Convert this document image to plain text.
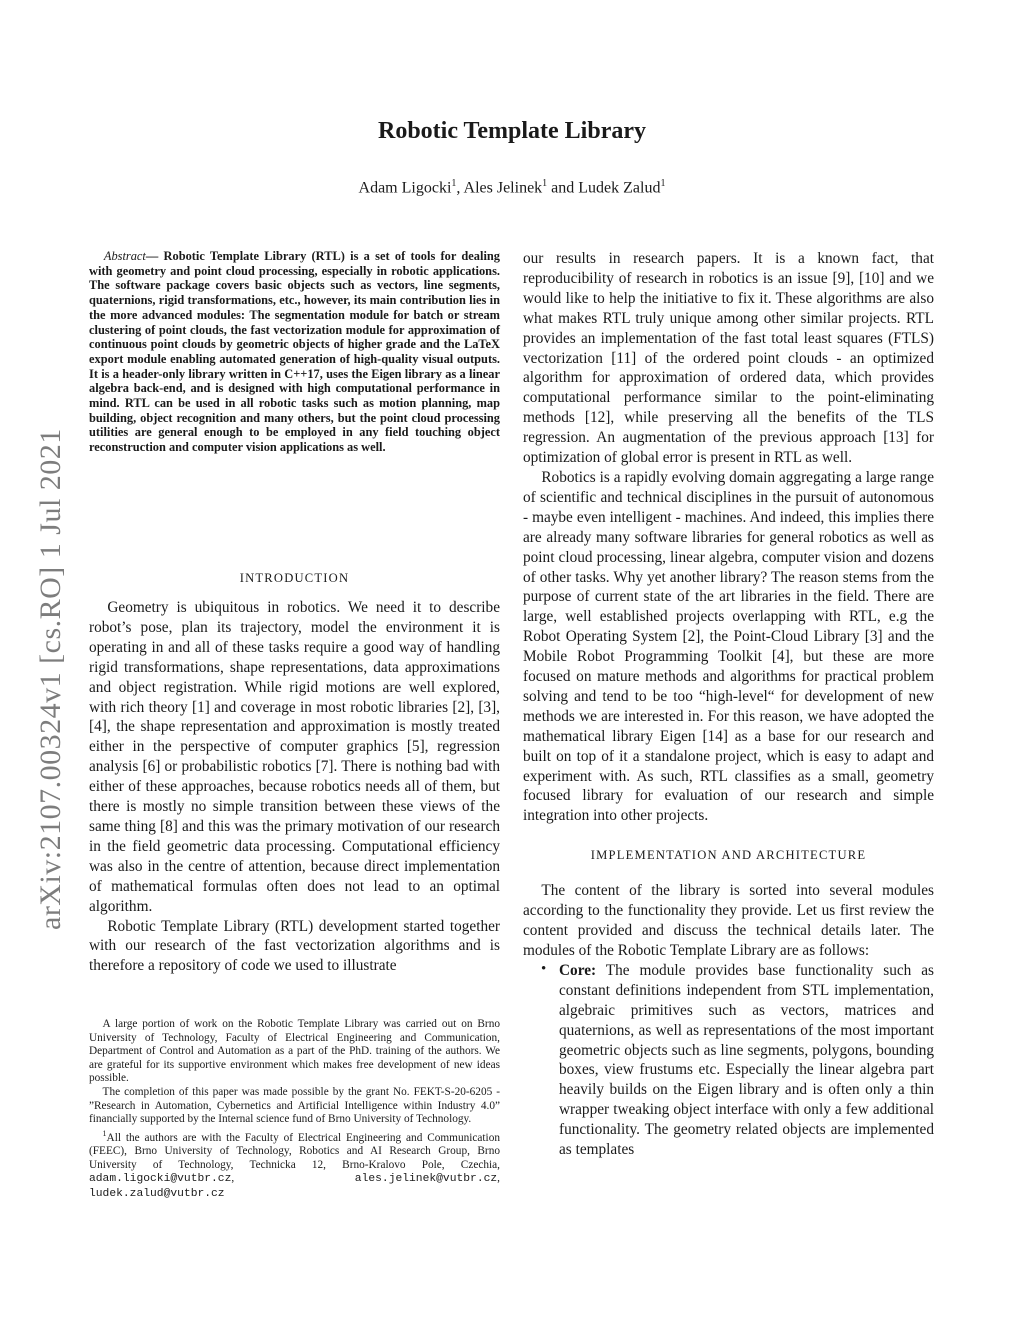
arXiv:2107.00324v1 [cs.RO] 1 Jul 2021
Robotic Template Library
Adam Ligocki$^1$, Ales Jelinek$^1$ and Ludek Zalud$^1$

Abstract— Robotic Template Library (RTL) is a set of tools for dealing with geometry and point cloud processing, especially in robotic applications. The software package covers basic objects such as vectors, line segments, quaternions, rigid transformations, etc., however, its main contribution lies in the more advanced modules: The segmentation module for batch or stream clustering of point clouds, the fast vectorization module for approximation of continuous point clouds by geometric objects of higher grade and the LaTeX export module enabling automated generation of high-quality visual outputs. It is a header-only library written in C++17, uses the Eigen library as a linear algebra back-end, and is designed with high computational performance in mind. RTL can be used in all robotic tasks such as motion planning, map building, object recognition and many others, but the point cloud processing utilities are general enough to be employed in any field touching object reconstruction and computer vision applications as well.

INTRODUCTION

Geometry is ubiquitous in robotics. We need it to describe robot’s pose, plan its trajectory, model the environment it is operating in and all of these tasks require a good way of handling rigid transformations, shape representations, data approximations and object registration. While rigid motions are well explored, with rich theory [1] and coverage in most robotic libraries [2], [3], [4], the shape representation and approximation is mostly treated either in the perspective of computer graphics [5], regression analysis [6] or probabilistic robotics [7]. There is nothing bad with either of these approaches, because robotics needs all of them, but there is mostly no simple transition between these views of the same thing [8] and this was the primary motivation of our research in the field geometric data processing. Computational efficiency was also in the centre of attention, because direct implementation of mathematical formulas often does not lead to an optimal algorithm.

Robotic Template Library (RTL) development started together with our research of the fast vectorization algorithms and is therefore a repository of code we used to illustrate

A large portion of work on the Robotic Template Library was carried out on Brno University of Technology, Faculty of Electrical Engineering and Communication, Department of Control and Automation as a part of the PhD. training of the authors. We are grateful for its supportive environment which makes free development of new ideas possible.

The completion of this paper was made possible by the grant No. FEKT-S-20-6205 - ”Research in Automation, Cybernetics and Artificial Intelligence within Industry 4.0” financially supported by the Internal science fund of Brno University of Technology.

$^1$All the authors are with the Faculty of Electrical Engineering and Communication (FEEC), Brno University of Technology, Robotics and AI Research Group, Brno University of Technology, Technicka 12, Brno-Kralovo Pole, Czechia, adam.ligocki@vutbr.cz, ales.jelinek@vutbr.cz, ludek.zalud@vutbr.cz

our results in research papers. It is a known fact, that reproducibility of research in robotics is an issue [9], [10] and we would like to help the initiative to fix it. These algorithms are also what makes RTL truly unique among other similar projects. RTL provides an implementation of the fast total least squares (FTLS) vectorization [11] of the ordered point clouds - an optimized algorithm for approximation of ordered data, which provides computational performance similar to the point-eliminating methods [12], while preserving all the benefits of the TLS regression. An augmentation of the previous approach [13] for optimization of global error is present in RTL as well.

Robotics is a rapidly evolving domain aggregating a large range of scientific and technical disciplines in the pursuit of autonomous - maybe even intelligent - machines. And indeed, this implies there are already many software libraries for general robotics as well as point cloud processing, linear algebra, computer vision and dozens of other tasks. Why yet another library? The reason stems from the purpose of current state of the art libraries in the field. There are large, well established projects overlapping with RTL, e.g the Robot Operating System [2], the Point-Cloud Library [3] and the Mobile Robot Programming Toolkit [4], but these are more focused on mature methods and algorithms for practical problem solving and tend to be too “high-level“ for development of new methods we are interested in. For this reason, we have adopted the mathematical library Eigen [14] as a base for our research and built on top of it a standalone project, which is easy to adapt and experiment with. As such, RTL classifies as a small, geometry focused library for evaluation of our research and simple integration into other projects.

IMPLEMENTATION AND ARCHITECTURE

The content of the library is sorted into several modules according to the functionality they provide. Let us first review the content provided and discuss the technical details later. The modules of the Robotic Template Library are as follows:

• Core: The module provides base functionality such as constant definitions independent from STL implementation, algebraic primitives such as vectors, matrices and quaternions, as well as representations of the most important geometric objects such as line segments, polygons, bounding boxes, view frustums etc. Especially the linear algebra part heavily builds on the Eigen library and is often only a thin wrapper tweaking object interface with only a few additional functionality. The geometry related objects are implemented as templates
